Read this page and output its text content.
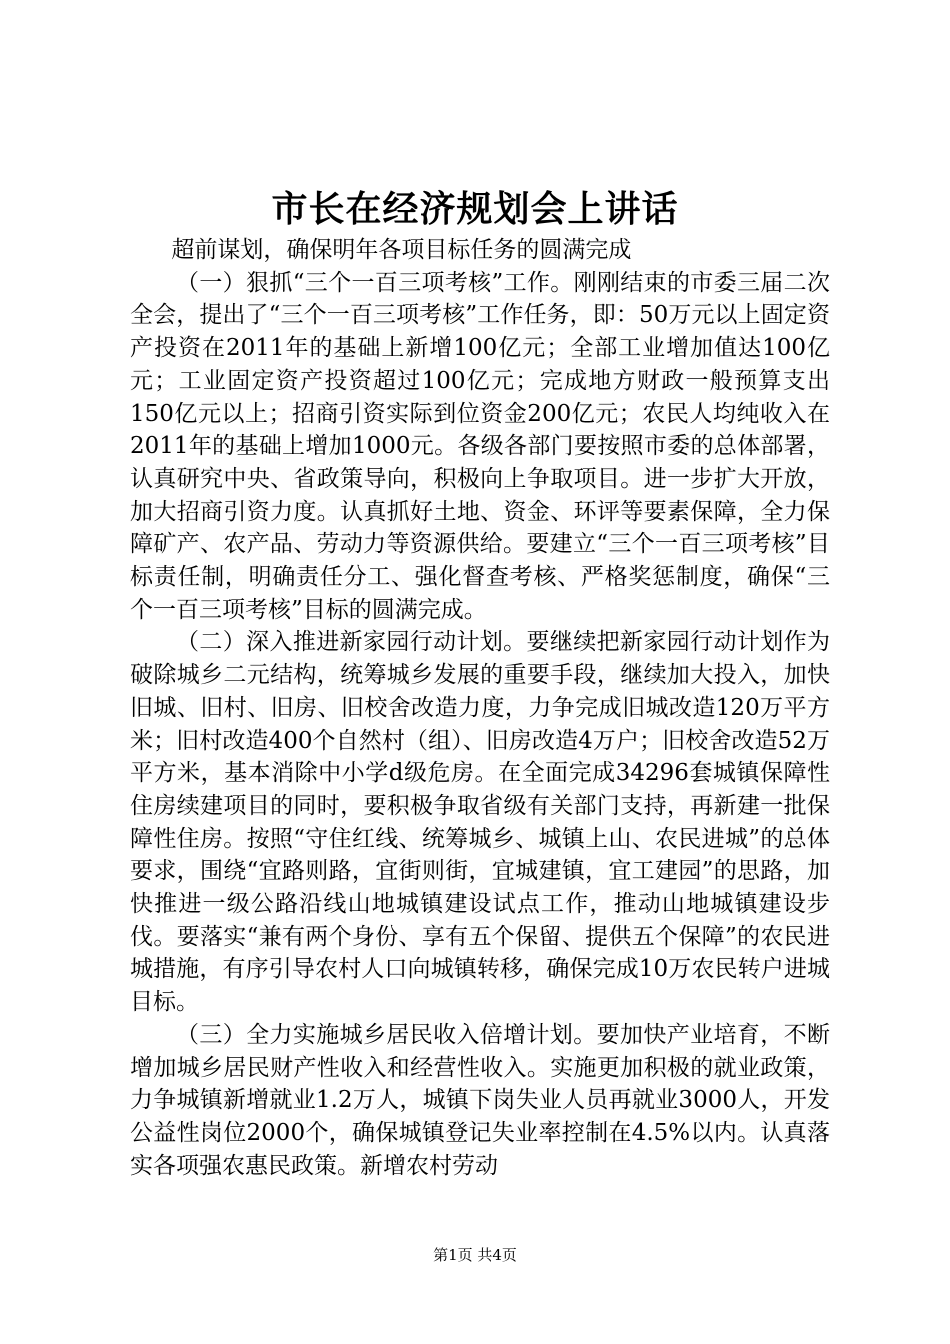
市长在经济规划会上讲话

超前谋划，确保明年各项目标任务的圆满完成

（一）狠抓“三个一百三项考核”工作。刚刚结束的市委三届二次全会，提出了“三个一百三项考核”工作任务，即：50万元以上固定资产投资在2011年的基础上新增100亿元；全部工业增加值达100亿元；工业固定资产投资超过100亿元；完成地方财政一般预算支出150亿元以上；招商引资实际到位资金200亿元；农民人均纯收入在2011年的基础上增加1000元。各级各部门要按照市委的总体部署，认真研究中央、省政策导向，积极向上争取项目。进一步扩大开放，加大招商引资力度。认真抓好土地、资金、环评等要素保障，全力保障矿产、农产品、劳动力等资源供给。要建立“三个一百三项考核”目标责任制，明确责任分工、强化督查考核、严格奖惩制度，确保“三个一百三项考核”目标的圆满完成。

（二）深入推进新家园行动计划。要继续把新家园行动计划作为破除城乡二元结构，统筹城乡发展的重要手段，继续加大投入，加快旧城、旧村、旧房、旧校舍改造力度，力争完成旧城改造120万平方米；旧村改造400个自然村（组）、旧房改造4万户；旧校舍改造52万平方米，基本消除中小学d级危房。在全面完成34296套城镇保障性住房续建项目的同时，要积极争取省级有关部门支持，再新建一批保障性住房。按照“守住红线、统筹城乡、城镇上山、农民进城”的总体要求，围绕“宜路则路，宜街则街，宜城建镇，宜工建园”的思路，加快推进一级公路沿线山地城镇建设试点工作，推动山地城镇建设步伐。要落实“兼有两个身份、享有五个保留、提供五个保障”的农民进城措施，有序引导农村人口向城镇转移，确保完成10万农民转户进城目标。

（三）全力实施城乡居民收入倍增计划。要加快产业培育，不断增加城乡居民财产性收入和经营性收入。实施更加积极的就业政策，力争城镇新增就业1.2万人，城镇下岗失业人员再就业3000人，开发公益性岗位2000个，确保城镇登记失业率控制在4.5%以内。认真落实各项强农惠民政策。新增农村劳动

第1页 共4页
